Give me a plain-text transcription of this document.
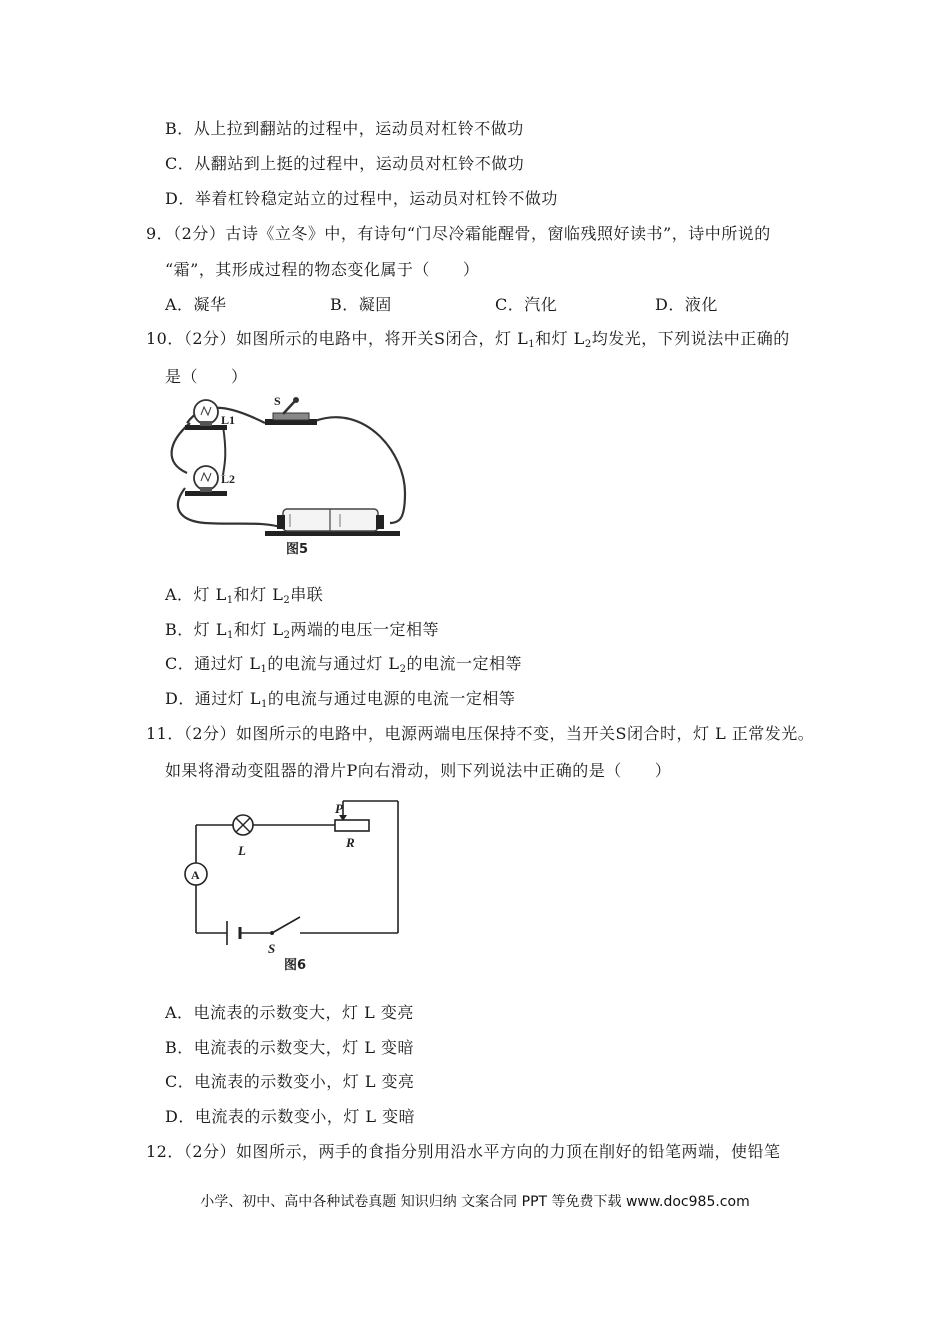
B．从上拉到翻站的过程中，运动员对杠铃不做功
C．从翻站到上挺的过程中，运动员对杠铃不做功
D．举着杠铃稳定站立的过程中，运动员对杠铃不做功
9．（2分）古诗《立冬》中，有诗句“门尽冷霜能醒骨，窗临残照好读书”，诗中所说的
“霜”，其形成过程的物态变化属于（　　）
A．凝华	B．凝固	C．汽化	D．液化
10．（2分）如图所示的电路中，将开关S闭合，灯 $L_1$和灯 $L_2$均发光，下列说法中正确的
是（　　）
L1
L2
S
图5
A．灯 $L_1$和灯 $L_2$串联
B．灯 $L_1$和灯 $L_2$两端的电压一定相等
C．通过灯 $L_1$的电流与通过灯 $L_2$的电流一定相等
D．通过灯 $L_1$的电流与通过电源的电流一定相等
11．（2分）如图所示的电路中，电源两端电压保持不变，当开关S闭合时，灯 L 正常发光。
如果将滑动变阻器的滑片P向右滑动，则下列说法中正确的是（　　）
L
P
R
A
S
图6
A．电流表的示数变大，灯 L 变亮
B．电流表的示数变大，灯 L 变暗
C．电流表的示数变小，灯 L 变亮
D．电流表的示数变小，灯 L 变暗
12．（2分）如图所示，两手的食指分别用沿水平方向的力顶在削好的铅笔两端，使铅笔
小学、初中、高中各种试卷真题 知识归纳 文案合同 PPT 等免费下载 www.doc985.com
